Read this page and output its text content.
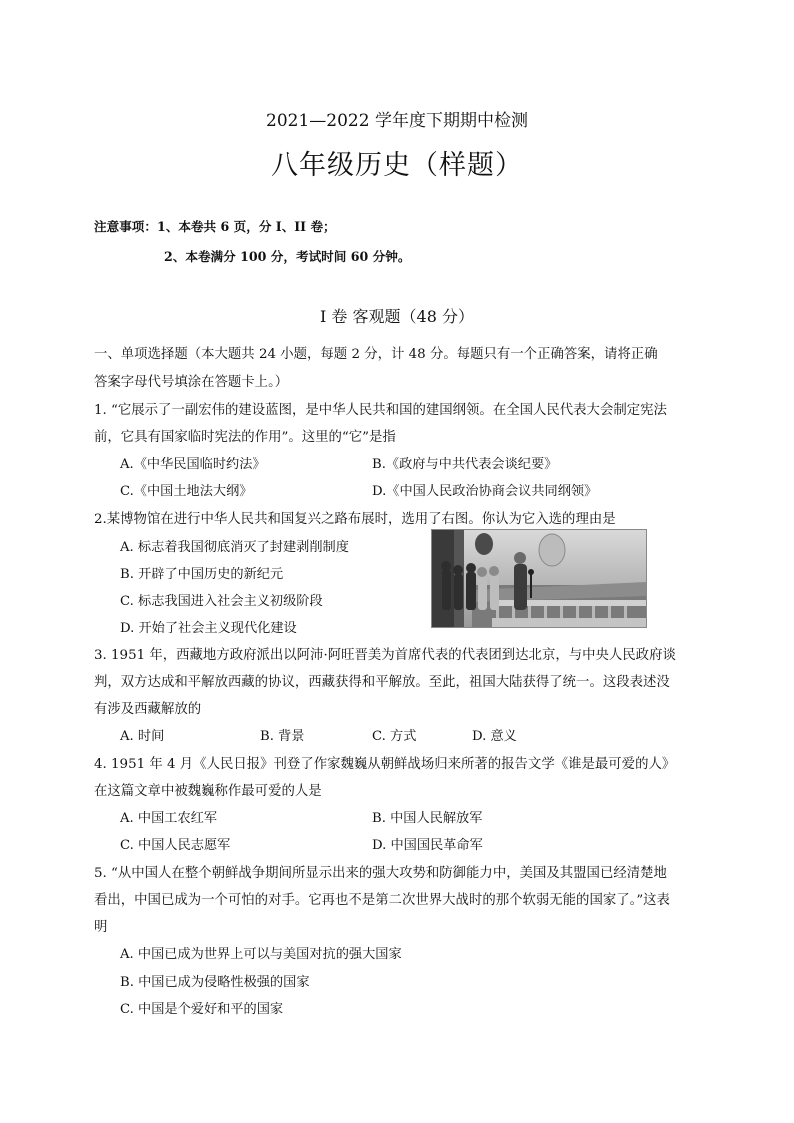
2021—2022 学年度下期期中检测
八年级历史（样题）
注意事项：1、本卷共 6 页，分 I、II 卷；
2、本卷满分 100 分，考试时间 60 分钟。
I 卷 客观题（48 分）
一、单项选择题（本大题共 24 小题，每题 2 分，计 48 分。每题只有一个正确答案，请将正确
答案字母代号填涂在答题卡上。）
1. “它展示了一副宏伟的建设蓝图，是中华人民共和国的建国纲领。在全国人民代表大会制定宪法
前，它具有国家临时宪法的作用”。这里的“它”是指
A.《中华民国临时约法》	B.《政府与中共代表会谈纪要》
C.《中国土地法大纲》	D.《中国人民政治协商会议共同纲领》
2.某博物馆在进行中华人民共和国复兴之路布展时，选用了右图。你认为它入选的理由是
A. 标志着我国彻底消灭了封建剥削制度
B. 开辟了中国历史的新纪元
C. 标志我国进入社会主义初级阶段
D. 开始了社会主义现代化建设
3. 1951 年，西藏地方政府派出以阿沛·阿旺晋美为首席代表的代表团到达北京，与中央人民政府谈
判，双方达成和平解放西藏的协议，西藏获得和平解放。至此，祖国大陆获得了统一。这段表述没
有涉及西藏解放的
A. 时间	B. 背景	C. 方式	D. 意义
4. 1951 年 4 月《人民日报》刊登了作家魏巍从朝鲜战场归来所著的报告文学《谁是最可爱的人》
在这篇文章中被魏巍称作最可爱的人是
A. 中国工农红军	B. 中国人民解放军
C. 中国人民志愿军	D. 中国国民革命军
5. “从中国人在整个朝鲜战争期间所显示出来的强大攻势和防御能力中，美国及其盟国已经清楚地
看出，中国已成为一个可怕的对手。它再也不是第二次世界大战时的那个软弱无能的国家了。”这表
明
A. 中国已成为世界上可以与美国对抗的强大国家
B. 中国已成为侵略性极强的国家
C. 中国是个爱好和平的国家
